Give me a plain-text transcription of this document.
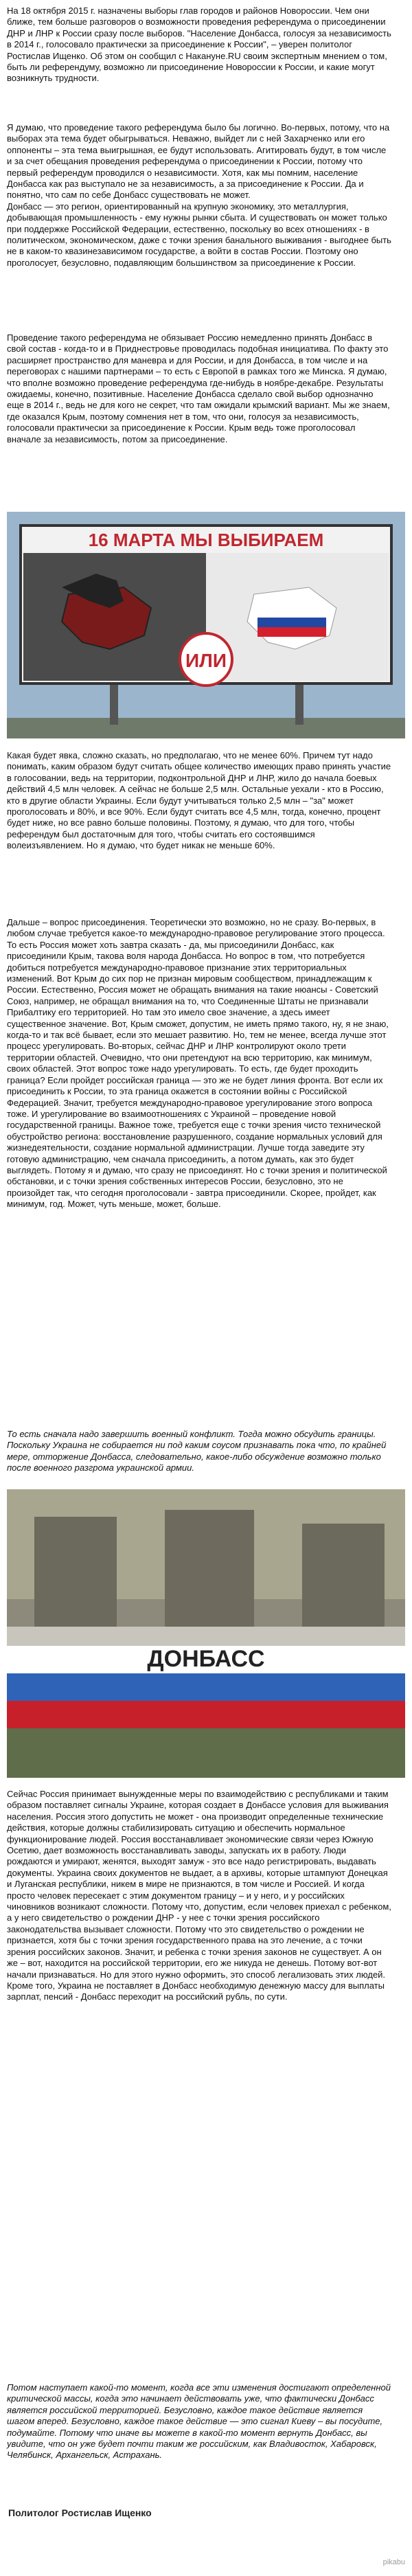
На 18 октября 2015 г. назначены выборы глав городов и районов Новороссии. Чем они ближе, тем больше разговоров о возможности проведения референдума о присоединении ДНР и ЛНР к России сразу после выборов. "Население Донбасса, голосуя за независимость в 2014 г., голосовало практически за присоединение к России", – уверен политолог Ростислав Ищенко. Об этом он сообщил с Накануне.RU своим экспертным мнением о том, быть ли референдуму, возможно ли присоединение Новороссии к России, и какие могут возникнуть трудности.

Я думаю, что проведение такого референдума было бы логично. Во-первых, потому, что на выборах эта тема будет обыгрываться. Неважно, выйдет ли с ней Захарченко или его оппоненты – эта тема выигрышная, ее будут использовать. Агитировать будут, в том числе и за счет обещания проведения референдума о присоединении к России, потому что первый референдум проводился о независимости. Хотя, как мы помним, население Донбасса как раз выступало не за независимость, а за присоединение к России. Да и понятно, что сам по себе Донбасс существовать не может.
Донбасс — это регион, ориентированный на крупную экономику, это металлургия, добывающая промышленность - ему нужны рынки сбыта. И существовать он может только при поддержке Российской Федерации, естественно, поскольку во всех отношениях - в политическом, экономическом, даже с точки зрения банального выживания - выгоднее быть не в каком-то квазинезависимом государстве, а войти в состав России. Поэтому оно проголосует, безусловно, подавляющим большинством за присоединение к России.

Проведение такого референдума не обязывает Россию немедленно принять Донбасс в свой состав - когда-то и в Приднестровье проводилась подобная инициатива. По факту это расширяет пространство для маневра и для России, и для Донбасса, в том числе и на переговорах с нашими партнерами – то есть с Европой в рамках того же Минска. Я думаю, что вполне возможно проведение референдума где-нибудь в ноябре-декабре. Результаты ожидаемы, конечно, позитивные. Население Донбасса сделало свой выбор однозначно еще в 2014 г., ведь не для кого не секрет, что там ожидали крымский вариант. Мы же знаем, где оказался Крым, поэтому сомнения нет в том, что они, голосуя за независимость, голосовали практически за присоединение к России. Крым ведь тоже проголосовал вначале за независимость, потом за присоединение.

16 МАРТА МЫ ВЫБИРАЕМ
ИЛИ

Какая будет явка, сложно сказать, но предполагаю, что не менее 60%. Причем тут надо понимать, каким образом будут считать общее количество имеющих право принять участие в голосовании, ведь на территории, подконтрольной ДНР и ЛНР, жило до начала боевых действий 4,5 млн человек. А сейчас не больше 2,5 млн. Остальные уехали - кто в Россию, кто в другие области Украины. Если будут учитываться только 2,5 млн – "за" может проголосовать и 80%, и все 90%. Если будут считать все 4,5 млн, тогда, конечно, процент будет ниже, но все равно больше половины. Поэтому, я думаю, что для того, чтобы референдум был достаточным для того, чтобы считать его состоявшимся волеизъявлением. Но я думаю, что будет никак не меньше 60%.

Дальше – вопрос присоединения. Теоретически это возможно, но не сразу. Во-первых, в любом случае требуется какое-то международно-правовое регулирование этого процесса. То есть Россия может хоть завтра сказать - да, мы присоединили Донбасс, как присоединили Крым, таковa воля народа Донбасса. Но вопрос в том, что потребуется добиться потребуется международно-правовое признание этих территориальных изменений. Вот Крым до сих пор не признан мировым сообществом, принадлежащим к России. Естественно, Россия может не обращать внимания на такие нюансы - Советский Союз, например, не обращал внимания на то, что Соединенные Штаты не признавали Прибалтику его территорией. Но там это имело свое значение, а здесь имеет существенное значение. Вот, Крым сможет, допустим, не иметь прямо такого, ну, я не знаю, когда-то и так всё бывает, если это мешает развитию. Но, тем не менее, всегда лучше этот процесс урегулировать. Во-вторых, сейчас ДНР и ЛНР контролируют около трети территории областей. Очевидно, что они претендуют на всю территорию, как минимум, своих областей. Этот вопрос тоже надо урегулировать. То есть, где будет проходить граница? Если пройдет российская граница — это же не будет линия фронта. Вот если их присоединить к России, то эта граница окажется в состоянии войны с Российской Федерацией. Значит, требуется международно-правовое урегулирование этого вопроса тоже. И урегулирование во взаимоотношениях с Украиной – проведение новой государственной границы. Важное тоже, требуется еще с точки зрения чисто технической обустройство региона: восстановление разрушенного, создание нормальных условий для жизнедеятельности, создание нормальной администрации. Лучше тогда заведите эту готовую администрацию, чем сначала присоединить, а потом думать, как это будет выглядеть. Потому я и думаю, что сразу не присоединят. Но с точки зрения и политической обстановки, и с точки зрения собственных интересов России, безусловно, это не произойдет так, что сегодня проголосовали - завтра присоединили. Скорее, пройдет, как минимум, год. Может, чуть меньше, может, больше.

То есть сначала надо завершить военный конфликт. Тогда можно обсудить границы. Поскольку Украина не собирается ни под каким соусом признавать пока что, по крайней мере, отторжение Донбасса, следовательно, какое-либо обсуждение возможно только после военного разгрома украинской армии.

ДОНБАСС

Сейчас Россия принимает вынужденные меры по взаимодействию с республиками и таким образом поставляет сигналы Украине, которая создает в Донбассе условия для выживания населения. Россия этого допустить не может - она производит определенные технические действия, которые должны стабилизировать ситуацию и обеспечить нормальное функционирование людей. Россия восстанавливает экономические связи через Южную Осетию, дает возможность восстанавливать заводы, запускать их в работу. Люди рождаются и умирают, женятся, выходят замуж - это все надо регистрировать, выдавать документы. Украина своих документов не выдает, а в архивы, которые штампуют Донецкая и Луганская республики, никем в мире не признаются, в том числе и Россией. И когда просто человек пересекает с этим документом границу – и у него, и у российских чиновников возникают сложности. Потому что, допустим, если человек приехал с ребенком, а у него свидетельство о рождении ДНР - у нее с точки зрения российского законодательства вызывает сложности. Потому что это свидетельство о рождении не признается, хотя бы с точки зрения государственного права на это лечение, а с точки зрения российских законов. Значит, и ребенка с точки зрения законов не существует. А он же – вот, находится на российской территории, его же никуда не денешь. Потому вот-вот начали признаваться. Но для этого нужно оформить, это способ легализовать этих людей. Кроме того, Украина не поставляет в Донбасс необходимую денежную массу для выплаты зарплат, пенсий - Донбасс переходит на российский рубль, по сути.

Потом наступает какой-то момент, когда все эти изменения достигают определенной критической массы, когда это начинает действовать уже, что фактически Донбасс является российской территорией. Безусловно, каждое такое действие является шагом вперед. Безусловно, каждое такое действие — это сигнал Киеву – вы посудите, подумайте. Потому что иначе вы можете в какой-то момент вернуть Донбасс, вы увидите, что он уже будет почти таким же российским, как Владивосток, Хабаровск, Челябинск, Архангельск, Астрахань.

Политолог Ростислав Ищенко
pikabu
